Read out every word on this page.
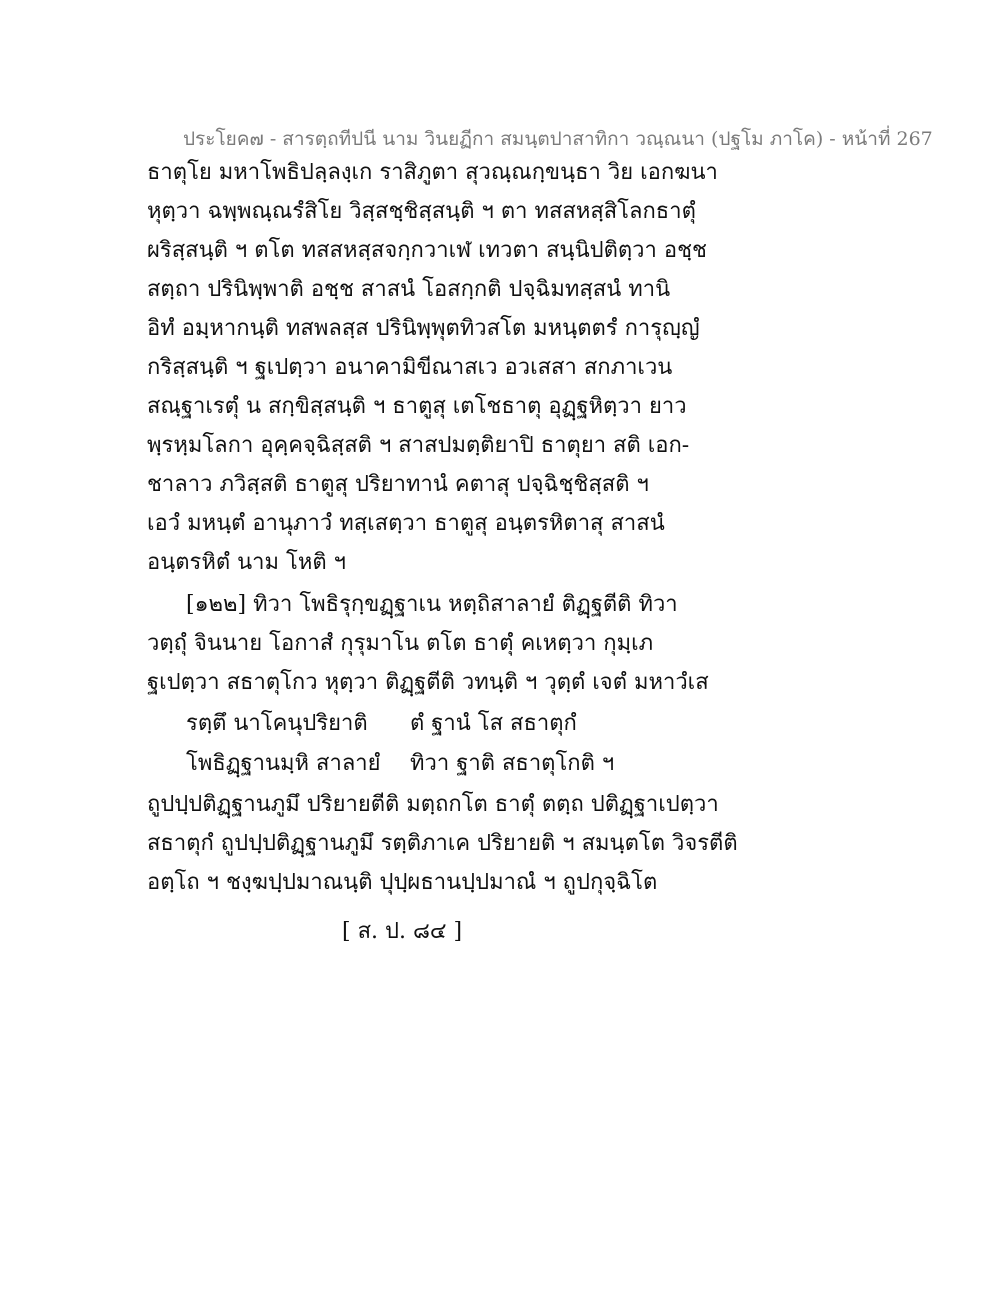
ประโยค๗ - สารตฺถทีปนี นาม วินยฏีกา สมนฺตปาสาทิกา วณฺณนา (ปฐโม ภาโค) - หน้าที่ 267
ธาตุโย มหาโพธิปลฺลงฺเก ราสิภูตา สุวณฺณกฺขนฺธา วิย เอกฆนา
หุตฺวา ฉพฺพณฺณรํสิโย วิสฺสชฺชิสฺสนฺติ ฯ ตา ทสสหสฺสิโลกธาตุํ
ผริสฺสนฺติ ฯ ตโต ทสสหสฺสจกฺกวาเฬ เทวตา สนฺนิปติตฺวา อชฺช
สตฺถา ปรินิพฺพาติ อชฺช สาสนํ โอสกฺกติ ปจฺฉิมทสฺสนํ ทานิ
อิทํ อมฺหากนฺติ ทสพลสฺส ปรินิพฺพุตทิวสโต มหนฺตตรํ การุญฺญํ
กริสฺสนฺติ ฯ ฐเปตฺวา อนาคามิขีณาสเว อวเสสา สกภาเวน
สณฺฐาเรตุํ น สกฺขิสฺสนฺติ ฯ ธาตูสุ เตโชธาตุ อุฏฺฐหิตฺวา ยาว
พฺรหฺมโลกา อุคฺคจฺฉิสฺสติ ฯ สาสปมตฺติยาปิ ธาตุยา สติ เอก-
ชาลาว ภวิสฺสติ ธาตูสุ ปริยาทานํ คตาสุ ปจฺฉิชฺชิสฺสติ ฯ
เอวํ มหนฺตํ อานุภาวํ ทสฺเสตฺวา ธาตูสุ อนฺตรหิตาสุ สาสนํ
อนฺตรหิตํ นาม โหติ ฯ
[๑๒๒] ทิวา โพธิรุกฺขฏฺฐาเน หตฺถิสาลายํ ติฏฺฐตีติ ทิวา
วตฺถุํ จินนาย โอกาสํ กุรุมาโน ตโต ธาตุํ คเหตฺวา กุมฺเภ
ฐเปตฺวา สธาตุโกว หุตฺวา ติฏฺฐตีติ วทนฺติ ฯ วุตฺตํ เจตํ มหาวํเส
รตฺตึ นาโคนุปริยาติ ตํ ฐานํ โส สธาตุกํ
โพธิฏฺฐานมฺหิ สาลายํ ทิวา ฐาติ สธาตุโกติ ฯ
ถูปปฺปติฏฺฐานภูมึ ปริยายตีติ มตฺถกโต ธาตุํ ตตฺถ ปติฏฺฐาเปตฺวา
สธาตุกํ ถูปปฺปติฏฺฐานภูมึ รตฺติภาเค ปริยายติ ฯ สมนฺตโต วิจรตีติ
อตฺโถ ฯ ชงฺฆปฺปมาณนฺติ ปุปฺผธานปฺปมาณํ ฯ ถูปกุจฺฉิโต
[ ส. ป. ๘๔ ]
